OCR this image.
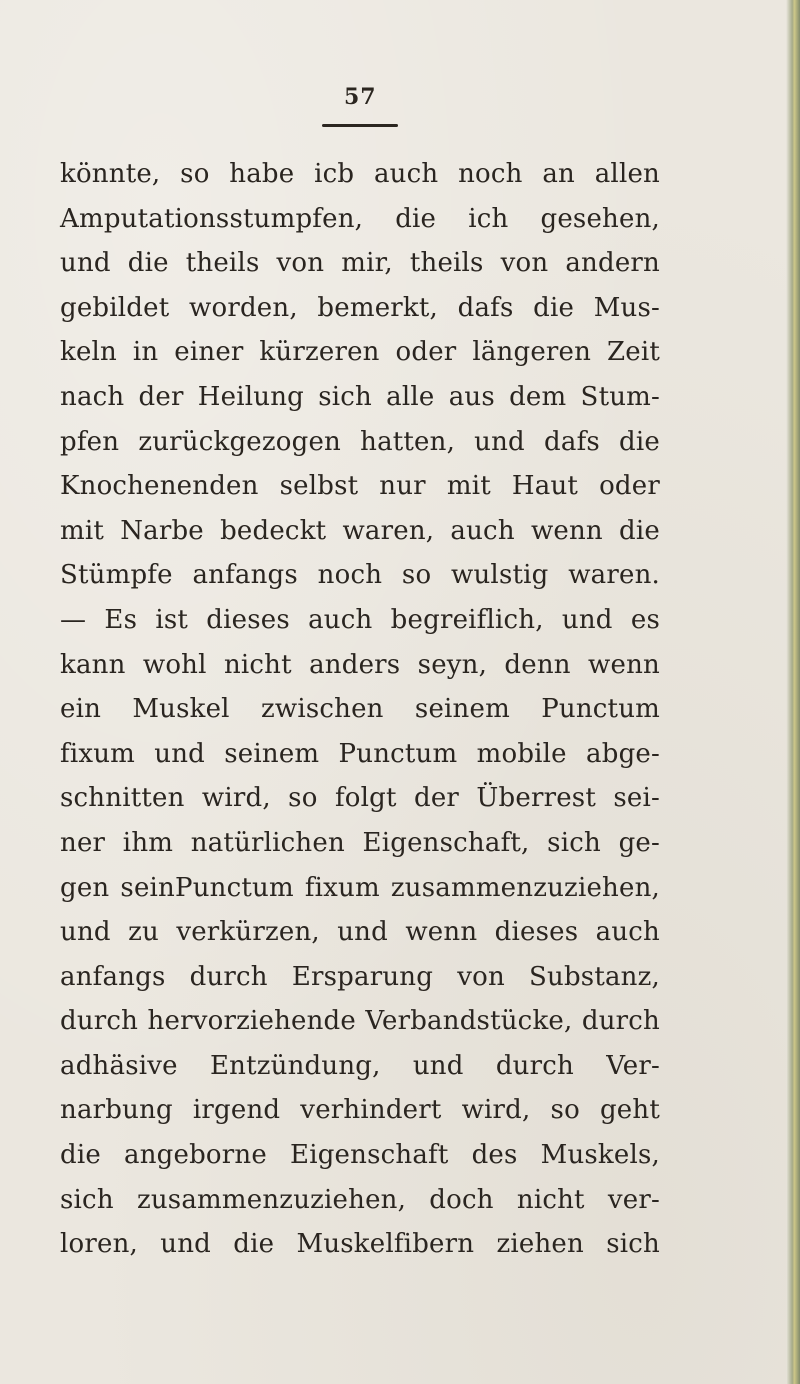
57
könnte, so habe icb auch noch an allen
Amputationsstumpfen, die ich gesehen,
und die theils von mir, theils von andern
gebildet worden, bemerkt, dafs die Mus-
keln in einer kürzeren oder längeren Zeit
nach der Heilung sich alle aus dem Stum-
pfen zurückgezogen hatten, und dafs die
Knochenenden selbst nur mit Haut oder
mit Narbe bedeckt waren, auch wenn die
Stümpfe anfangs noch so wulstig waren.
— Es ist dieses auch begreiflich, und es
kann wohl nicht anders seyn, denn wenn
ein Muskel zwischen seinem Punctum
fixum und seinem Punctum mobile abge-
schnitten wird, so folgt der Überrest sei-
ner ihm natürlichen Eigenschaft, sich ge-
gen seinPunctum fixum zusammenzuziehen,
und zu verkürzen, und wenn dieses auch
anfangs durch Ersparung von Substanz,
durch hervorziehende Verbandstücke, durch
adhäsive Entzündung, und durch Ver-
narbung irgend verhindert wird, so geht
die angeborne Eigenschaft des Muskels,
sich zusammenzuziehen, doch nicht ver-
loren, und die Muskelfibern ziehen sich
